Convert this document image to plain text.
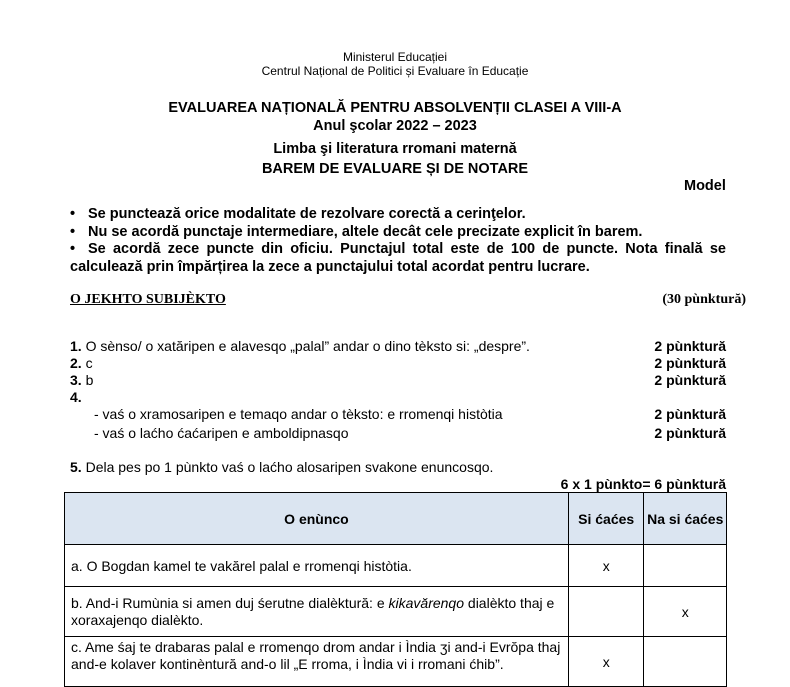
Ministerul Educației
Centrul Național de Politici și Evaluare în Educație
EVALUAREA NAȚIONALĂ PENTRU ABSOLVENȚII CLASEI A VIII-A
Anul şcolar 2022 – 2023
Limba şi literatura rromani maternă
BAREM DE EVALUARE ȘI DE NOTARE
Model
• Se punctează orice modalitate de rezolvare corectă a cerinţelor.
• Nu se acordă punctaje intermediare, altele decât cele precizate explicit în barem.
• Se acordă zece puncte din oficiu. Punctajul total este de 100 de puncte. Nota finală se calculează prin împărțirea la zece a punctajului total acordat pentru lucrare.
O JEKHTO SUBIJÈKTO	(30 pùnktură)
1. O sènso/ o xatăripen e alavesqo „palal” andar o dino tèksto si: „despre”.	2 pùnktură
2. c	2 pùnktură
3. b	2 pùnktură
4.
- vaś o xramosaripen e temaqo andar o tèksto: e rromenqi històtia	2 pùnktură
- vaś o laćho ćaćaripen e amboldipnasqo	2 pùnktură
5. Dela pes po 1 pùnkto vaś o laćho alosaripen svakone enuncosqo.
6 x 1 pùnkto= 6 pùnktură
O enùnco	Si ćaćes	Na si ćaćes
a. O Bogdan kamel te vakărel palal e rromenqi històtia.	x	
b. And-i Rumùnia si amen duj śerutne dialèktură: e kikavărenqo dialèkto thaj e xoraxajenqo dialèkto.		x
c. Ame śaj te drabaras palal e rromenqo drom andar i Ìndia ʒi and-i Evrŏpa thaj and-e kolaver kontinèntură and-o lil „E rroma, i Ìndia vi i rromani ćhib”.	x	
